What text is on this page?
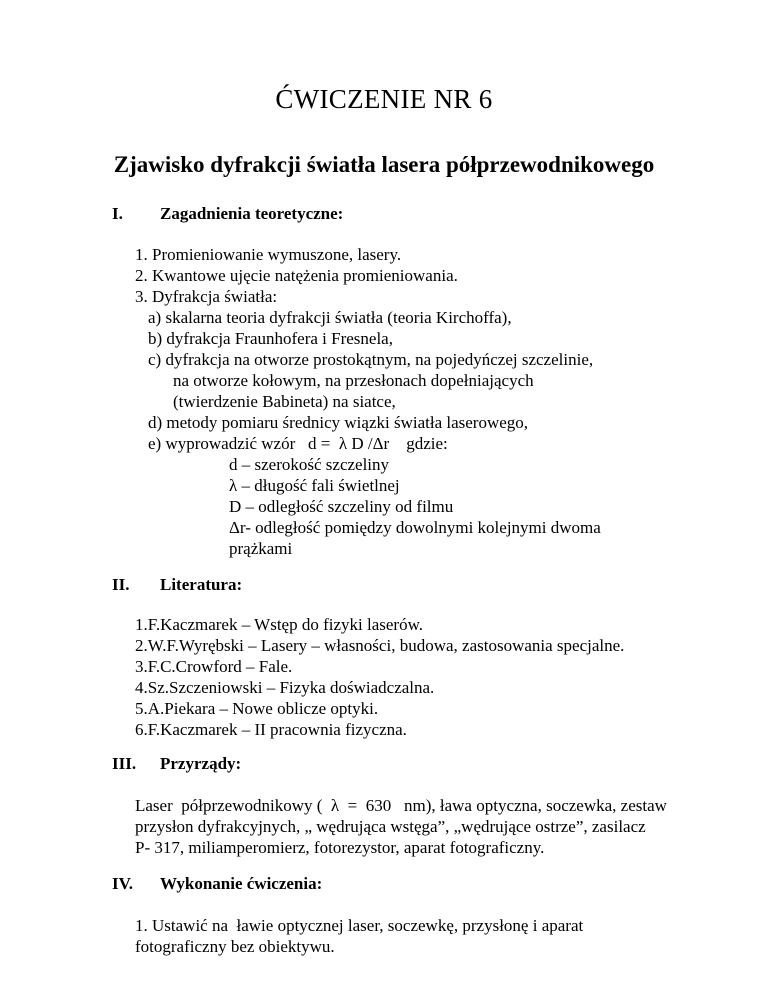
ĆWICZENIE NR 6
Zjawisko dyfrakcji światła lasera półprzewodnikowego
I. Zagadnienia teoretyczne:
1. Promieniowanie wymuszone, lasery.
2. Kwantowe ujęcie natężenia promieniowania.
3. Dyfrakcja światła:
a) skalarna teoria dyfrakcji światła (teoria Kirchoffa),
b) dyfrakcja Fraunhofera i Fresnela,
c) dyfrakcja na otworze prostokątnym, na pojedyńczej szczelinie,
na otworze kołowym, na przesłonach dopełniających
(twierdzenie Babineta) na siatce,
d) metody pomiaru średnicy wiązki światła laserowego,
e) wyprowadzić wzór   d =  λ D /Δr    gdzie:
d – szerokość szczeliny
λ – długość fali świetlnej
D – odległość szczeliny od filmu
Δr- odległość pomiędzy dowolnymi kolejnymi dwoma
prążkami
II. Literatura:
1.F.Kaczmarek – Wstęp do fizyki laserów.
2.W.F.Wyrębski – Lasery – własności, budowa, zastosowania specjalne.
3.F.C.Crowford – Fale.
4.Sz.Szczeniowski – Fizyka doświadczalna.
5.A.Piekara – Nowe oblicze optyki.
6.F.Kaczmarek – II pracownia fizyczna.
III. Przyrządy:
Laser  półprzewodnikowy (  λ  =  630   nm), ława optyczna, soczewka, zestaw
przysłon dyfrakcyjnych, „ wędrująca wstęga”, „wędrujące ostrze”, zasilacz
P- 317, miliamperomierz, fotorezystor, aparat fotograficzny.
IV. Wykonanie ćwiczenia:
1. Ustawić na  ławie optycznej laser, soczewkę, przysłonę i aparat
fotograficzny bez obiektywu.
